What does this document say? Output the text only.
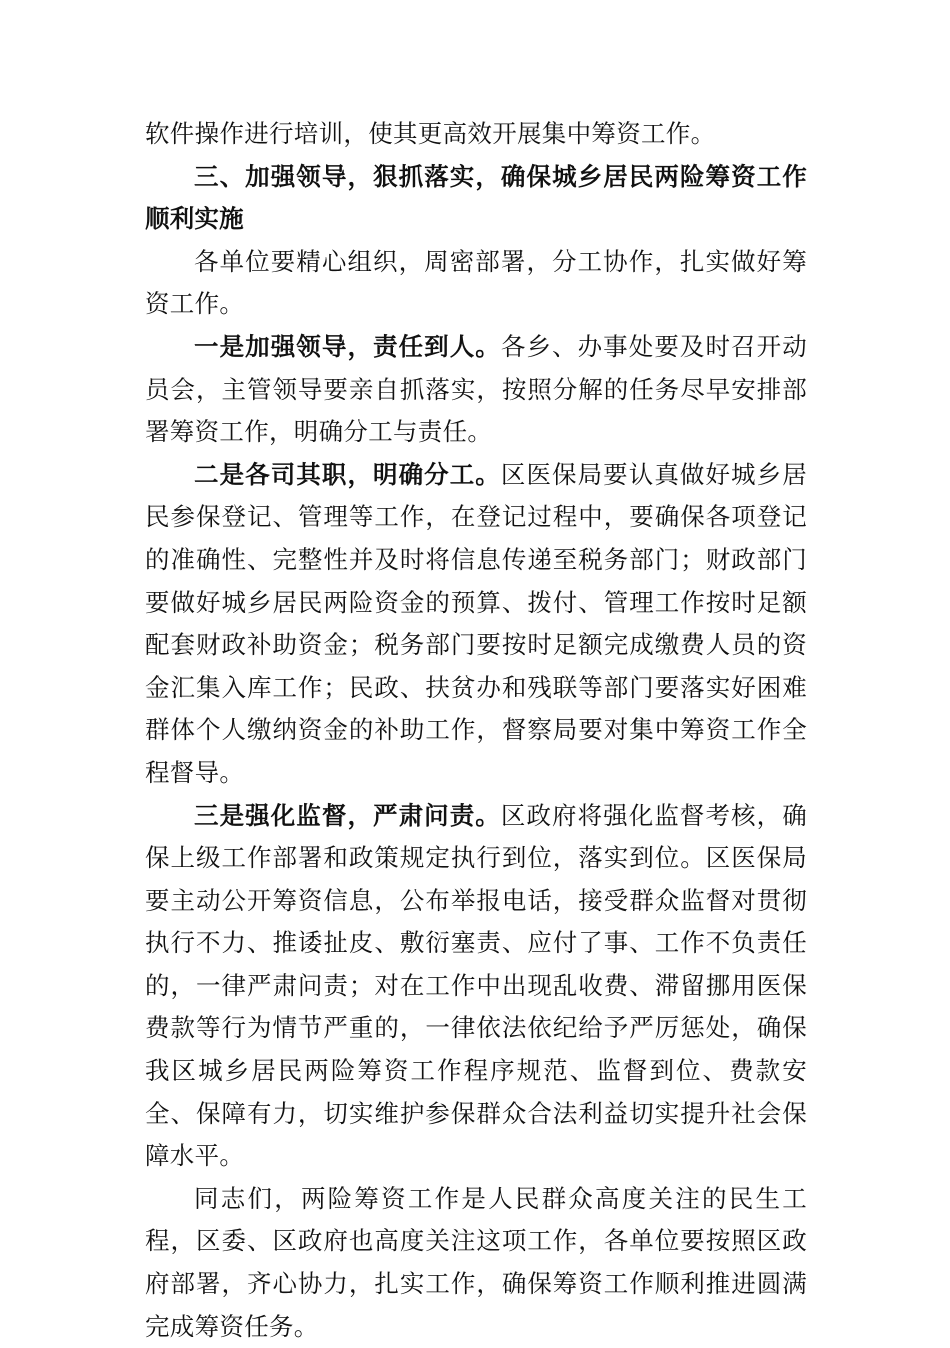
软件操作进行培训，使其更高效开展集中筹资工作。

三、加强领导，狠抓落实，确保城乡居民两险筹资工作顺利实施

各单位要精心组织，周密部署，分工协作，扎实做好筹资工作。

一是加强领导，责任到人。各乡、办事处要及时召开动员会，主管领导要亲自抓落实，按照分解的任务尽早安排部署筹资工作，明确分工与责任。

二是各司其职，明确分工。区医保局要认真做好城乡居民参保登记、管理等工作，在登记过程中，要确保各项登记的准确性、完整性并及时将信息传递至税务部门；财政部门要做好城乡居民两险资金的预算、拨付、管理工作按时足额配套财政补助资金；税务部门要按时足额完成缴费人员的资金汇集入库工作；民政、扶贫办和残联等部门要落实好困难群体个人缴纳资金的补助工作，督察局要对集中筹资工作全程督导。

三是强化监督，严肃问责。区政府将强化监督考核，确保上级工作部署和政策规定执行到位，落实到位。区医保局要主动公开筹资信息，公布举报电话，接受群众监督对贯彻执行不力、推诿扯皮、敷衍塞责、应付了事、工作不负责任的，一律严肃问责；对在工作中出现乱收费、滞留挪用医保费款等行为情节严重的，一律依法依纪给予严厉惩处，确保我区城乡居民两险筹资工作程序规范、监督到位、费款安全、保障有力，切实维护参保群众合法利益切实提升社会保障水平。

同志们，两险筹资工作是人民群众高度关注的民生工程，区委、区政府也高度关注这项工作，各单位要按照区政府部署，齐心协力，扎实工作，确保筹资工作顺利推进圆满完成筹资任务。
